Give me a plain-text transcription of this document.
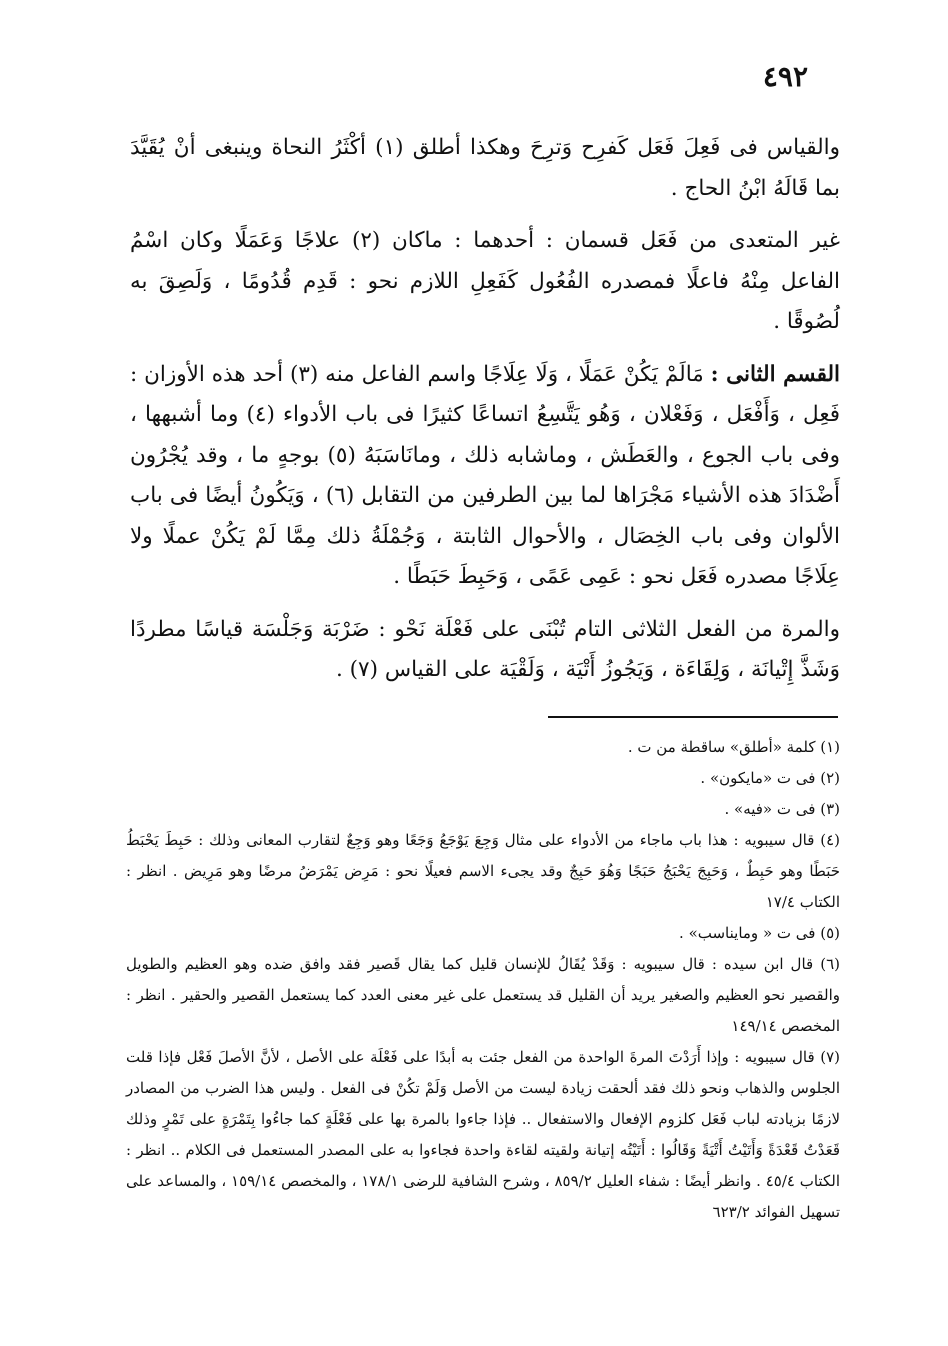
٤٩٢

والقياس فى فَعِلَ فَعَل كَفرِح وَترِحَ وهكذا أطلق (١) أكْثَرُ النحاة وينبغى أنْ يُقَيَّدَ بما قَالَهُ ابْنُ الحاج .

غير المتعدى من فَعَل قسمان : أحدهما : ماكان (٢) علاجًا وَعَمَلًا وكان اسْمُ الفاعل مِنْهُ فاعلًا فمصدره الفُعُول كَفَعِلِ اللازم نحو : قَدِم قُدُومًا ، وَلَصِقَ به لُصُوقًا .

القسم الثانى : مَالَمْ يَكُنْ عَمَلًا ، وَلَا عِلَاجًا واسم الفاعل منه (٣) أحد هذه الأوزان : فَعِل ، وَأَفْعَل ، وَفَعْلان ، وَهُو يَتَّسِعُ اتساعًا كثيرًا فى باب الأدواء (٤) وما أشبهها ، وفى باب الجوع ، والعَطَش ، وماشابه ذلك ، ومانَاسَبَهُ (٥) بوجهٍ ما ، وقد يُجْرُون أَضْدَادَ هذه الأشياء مَجْرَاها لما بين الطرفين من التقابل (٦) ، وَيَكُونُ أيضًا فى باب الألوان وفى باب الخِصَال ، والأحوال الثابتة ، وَجُمْلَةُ ذلك مِمَّا لَمْ يَكُنْ عملًا ولا عِلَاجًا مصدره فَعَل نحو : عَمِى عَمًى ، وَحَبِطَ حَبَطًا .

والمرة من الفعل الثلاثى التام تُبْنَى على فَعْلَة نَحْو : ضَرْبَة وَجَلْسَة قياسًا مطردًا وَشَذَّ إِتْيانَة ، وَلِقَاءَة ، وَيَجُوزُ أَتْيَة ، وَلَقْيَة على القياس (٧) .

(١) كلمة «أطلق» ساقطة من ت .

(٢) فى ت «مايكون» .

(٣) فى ت «فيه» .

(٤) قال سيبويه : هذا باب ماجاء من الأدواء على مثال وَجِعَ يَوْجَعُ وَجَعًا وهو وَجِعٌ لتقارب المعانى وذلك : حَبِطَ يَحْبَطُ حَبَطًا وهو حَبِطٌ ، وَحَبِجَ يَحْبَجُ حَبَجًا وَهُوَ حَبِجٌ وقد يجىء الاسم فعيلًا نحو : مَرِض يَمْرَضُ مرضًا وهو مَرِيض . انظر : الكتاب ١٧/٤

(٥) فى ت « ومايناسب» .

(٦) قال ابن سيده : قال سيبويه : وَقَدْ يُقَالُ للإنسان قليل كما يقال قَصير فقد وافق ضده وهو العظيم والطويل والقصير نحو العظيم والصغير يريد أن القليل قد يستعمل على غير معنى العدد كما يستعمل القصير والحقير . انظر : المخصص ١٤٩/١٤

(٧) قال سيبويه : وإذا أَرَدْتَ المرةَ الواحدة من الفعل جئت به أبدًا على فَعْلَة على الأصل ، لأنَّ الأصلَ فَعْل فإذا قلت الجلوس والذهاب ونحو ذلك فقد ألحقت زيادة ليست من الأصل وَلَمْ تكُنْ فى الفعل . وليس هذا الضرب من المصادر لازمًا بزيادته لباب فَعَل كلزوم الإفعال والاستفعال .. فإذا جاءوا بالمرة بها على فَعْلَةٍ كما جاءُوا بِتَمْرَةٍ على تَمْرٍ وذلك قَعَدْتُ قَعْدَةً وَأَتَيْتُ أَتْيَةً وَقَالُوا : أَتَيْتُه إتيانة ولقيته لقاءة واحدة فجاءوا به على المصدر المستعمل فى الكلام .. انظر : الكتاب ٤٥/٤ . وانظر أيضًا : شفاء العليل ٨٥٩/٢ ، وشرح الشافية للرضى ١٧٨/١ ، والمخصص ١٥٩/١٤ ، والمساعد على تسهيل الفوائد ٦٢٣/٢
